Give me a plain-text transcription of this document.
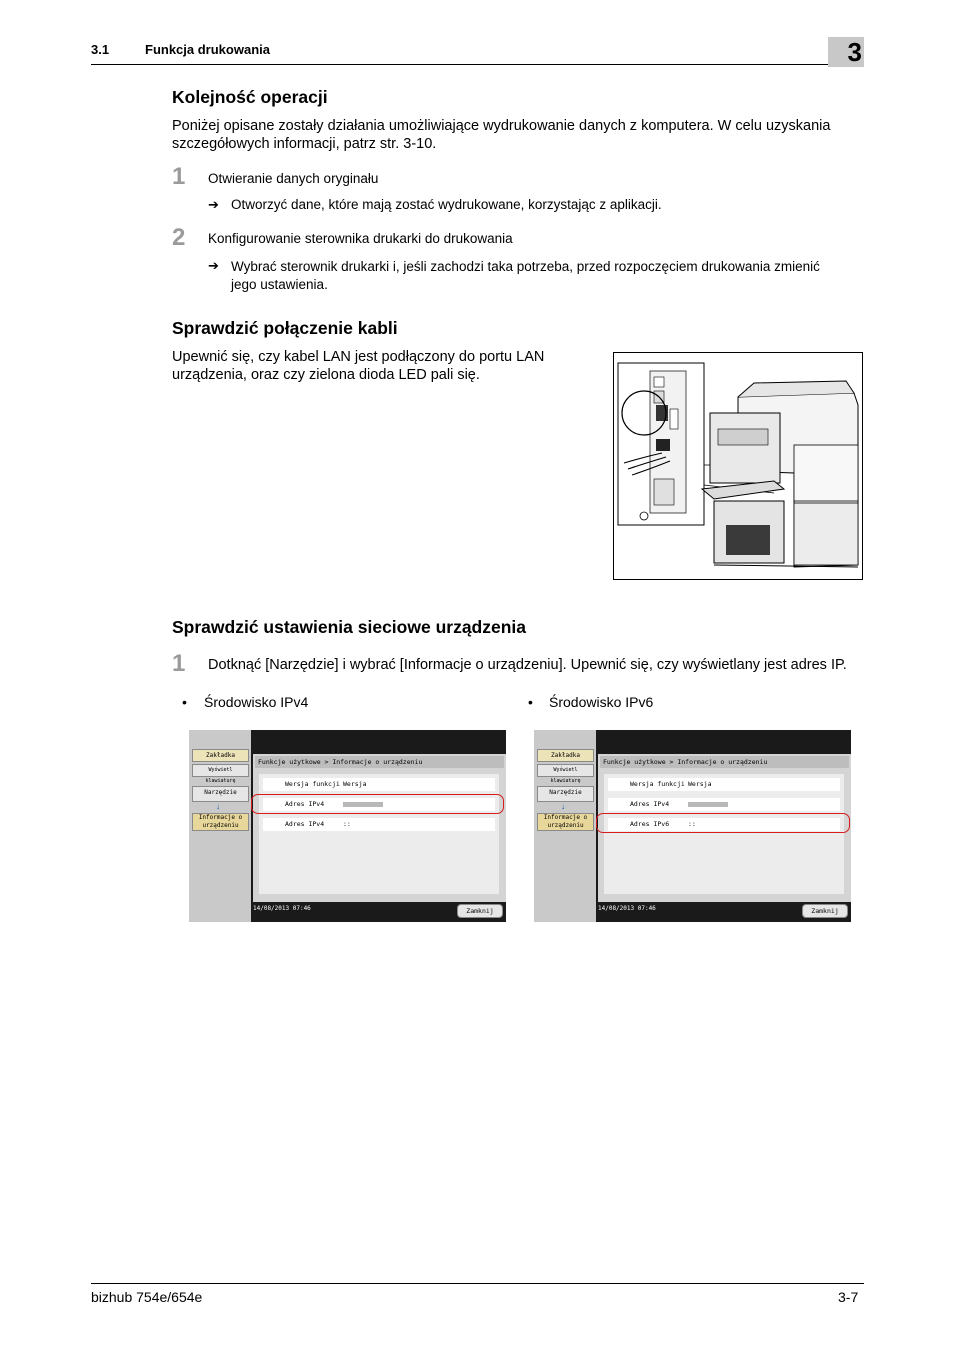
3.1	Funkcja drukowania	3
Kolejność operacji
Poniżej opisane zostały działania umożliwiające wydrukowanie danych z komputera. W celu uzyskania
szczegółowych informacji, patrz str. 3-10.
1 Otwieranie danych oryginału
➔ Otworzyć dane, które mają zostać wydrukowane, korzystając z aplikacji.
2 Konfigurowanie sterownika drukarki do drukowania
➔ Wybrać sterownik drukarki i, jeśli zachodzi taka potrzeba, przed rozpoczęciem drukowania zmienić
jego ustawienia.
Sprawdzić połączenie kabli
Upewnić się, czy kabel LAN jest podłączony do portu LAN
urządzenia, oraz czy zielona dioda LED pali się.
Sprawdzić ustawienia sieciowe urządzenia
1 Dotknąć [Narzędzie] i wybrać [Informacje o urządzeniu]. Upewnić się, czy wyświetlany jest adres IP.
• Środowisko IPv4	• Środowisko IPv6
Zakładka
Wyświetl klawiaturę
Narzędzie
↓
Informacje o urządzeniu
Funkcje użytkowe > Informacje o urządzeniu
Wersja funkcji Wersja
Adres IPv4
Adres IPv4	::
14/08/2013 07:46	Zamknij
Zakładka
Wyświetl klawiaturę
Narzędzie
↓
Informacje o urządzeniu
Funkcje użytkowe > Informacje o urządzeniu
Wersja funkcji Wersja
Adres IPv4
Adres IPv6	::
14/08/2013 07:46	Zamknij
bizhub 754e/654e	3-7
